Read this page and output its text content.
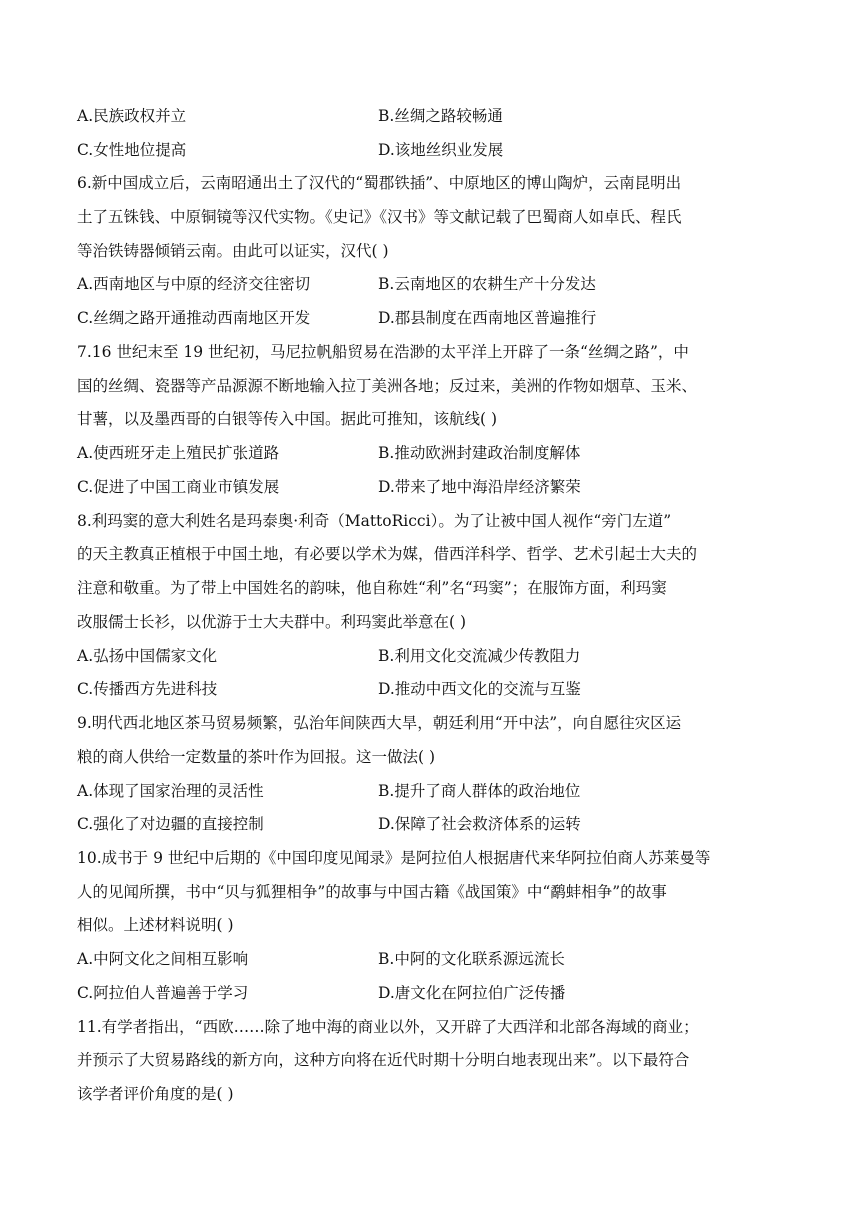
A.民族政权并立	B.丝绸之路较畅通
C.女性地位提高	D.该地丝织业发展
6.新中国成立后，云南昭通出土了汉代的“蜀郡铁插”、中原地区的博山陶炉，云南昆明出
土了五铢钱、中原铜镜等汉代实物。《史记》《汉书》等文献记载了巴蜀商人如卓氏、程氏
等治铁铸器倾销云南。由此可以证实，汉代( )
A.西南地区与中原的经济交往密切	B.云南地区的农耕生产十分发达
C.丝绸之路开通推动西南地区开发	D.郡县制度在西南地区普遍推行
7.16 世纪末至 19 世纪初，马尼拉帆船贸易在浩渺的太平洋上开辟了一条“丝绸之路”，中
国的丝绸、瓷器等产品源源不断地输入拉丁美洲各地；反过来，美洲的作物如烟草、玉米、
甘薯，以及墨西哥的白银等传入中国。据此可推知，该航线( )
A.使西班牙走上殖民扩张道路	B.推动欧洲封建政治制度解体
C.促进了中国工商业市镇发展	D.带来了地中海沿岸经济繁荣
8.利玛窦的意大利姓名是玛泰奥·利奇（MattoRicci）。为了让被中国人视作“旁门左道”
的天主教真正植根于中国土地，有必要以学术为媒，借西洋科学、哲学、艺术引起士大夫的
注意和敬重。为了带上中国姓名的韵味，他自称姓“利”名“玛窦”；在服饰方面，利玛窦
改服儒士长衫，以优游于士大夫群中。利玛窦此举意在( )
A.弘扬中国儒家文化	B.利用文化交流减少传教阻力
C.传播西方先进科技	D.推动中西文化的交流与互鉴
9.明代西北地区茶马贸易频繁，弘治年间陕西大旱，朝廷利用“开中法”，向自愿往灾区运
粮的商人供给一定数量的茶叶作为回报。这一做法( )
A.体现了国家治理的灵活性	B.提升了商人群体的政治地位
C.强化了对边疆的直接控制	D.保障了社会救济体系的运转
10.成书于 9 世纪中后期的《中国印度见闻录》是阿拉伯人根据唐代来华阿拉伯商人苏莱曼等
人的见闻所撰，书中“贝与狐狸相争”的故事与中国古籍《战国策》中“鹬蚌相争”的故事
相似。上述材料说明( )
A.中阿文化之间相互影响	B.中阿的文化联系源远流长
C.阿拉伯人普遍善于学习	D.唐文化在阿拉伯广泛传播
11.有学者指出，“西欧……除了地中海的商业以外，又开辟了大西洋和北部各海域的商业；
并预示了大贸易路线的新方向，这种方向将在近代时期十分明白地表现出来”。以下最符合
该学者评价角度的是( )
